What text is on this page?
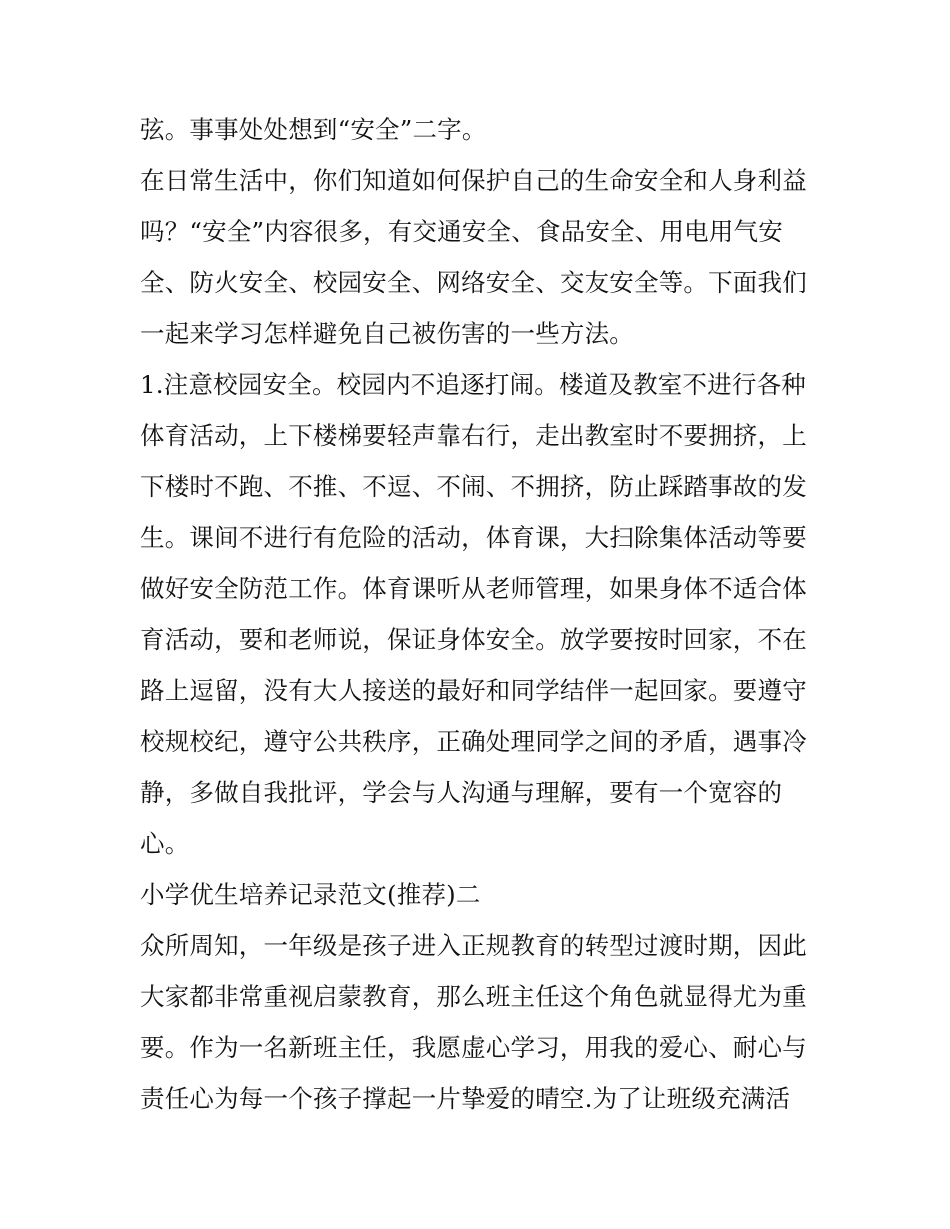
弦。事事处处想到“安全”二字。
在日常生活中，你们知道如何保护自己的生命安全和人身利益
吗？“安全”内容很多，有交通安全、食品安全、用电用气安
全、防火安全、校园安全、网络安全、交友安全等。下面我们
一起来学习怎样避免自己被伤害的一些方法。
1.注意校园安全。校园内不追逐打闹。楼道及教室不进行各种
体育活动，上下楼梯要轻声靠右行，走出教室时不要拥挤，上
下楼时不跑、不推、不逗、不闹、不拥挤，防止踩踏事故的发
生。课间不进行有危险的活动，体育课，大扫除集体活动等要
做好安全防范工作。体育课听从老师管理，如果身体不适合体
育活动，要和老师说，保证身体安全。放学要按时回家，不在
路上逗留，没有大人接送的最好和同学结伴一起回家。要遵守
校规校纪，遵守公共秩序，正确处理同学之间的矛盾，遇事冷
静，多做自我批评，学会与人沟通与理解，要有一个宽容的
心。
小学优生培养记录范文(推荐)二
众所周知，一年级是孩子进入正规教育的转型过渡时期，因此
大家都非常重视启蒙教育，那么班主任这个角色就显得尤为重
要。作为一名新班主任，我愿虚心学习，用我的爱心、耐心与
责任心为每一个孩子撑起一片挚爱的晴空.为了让班级充满活
